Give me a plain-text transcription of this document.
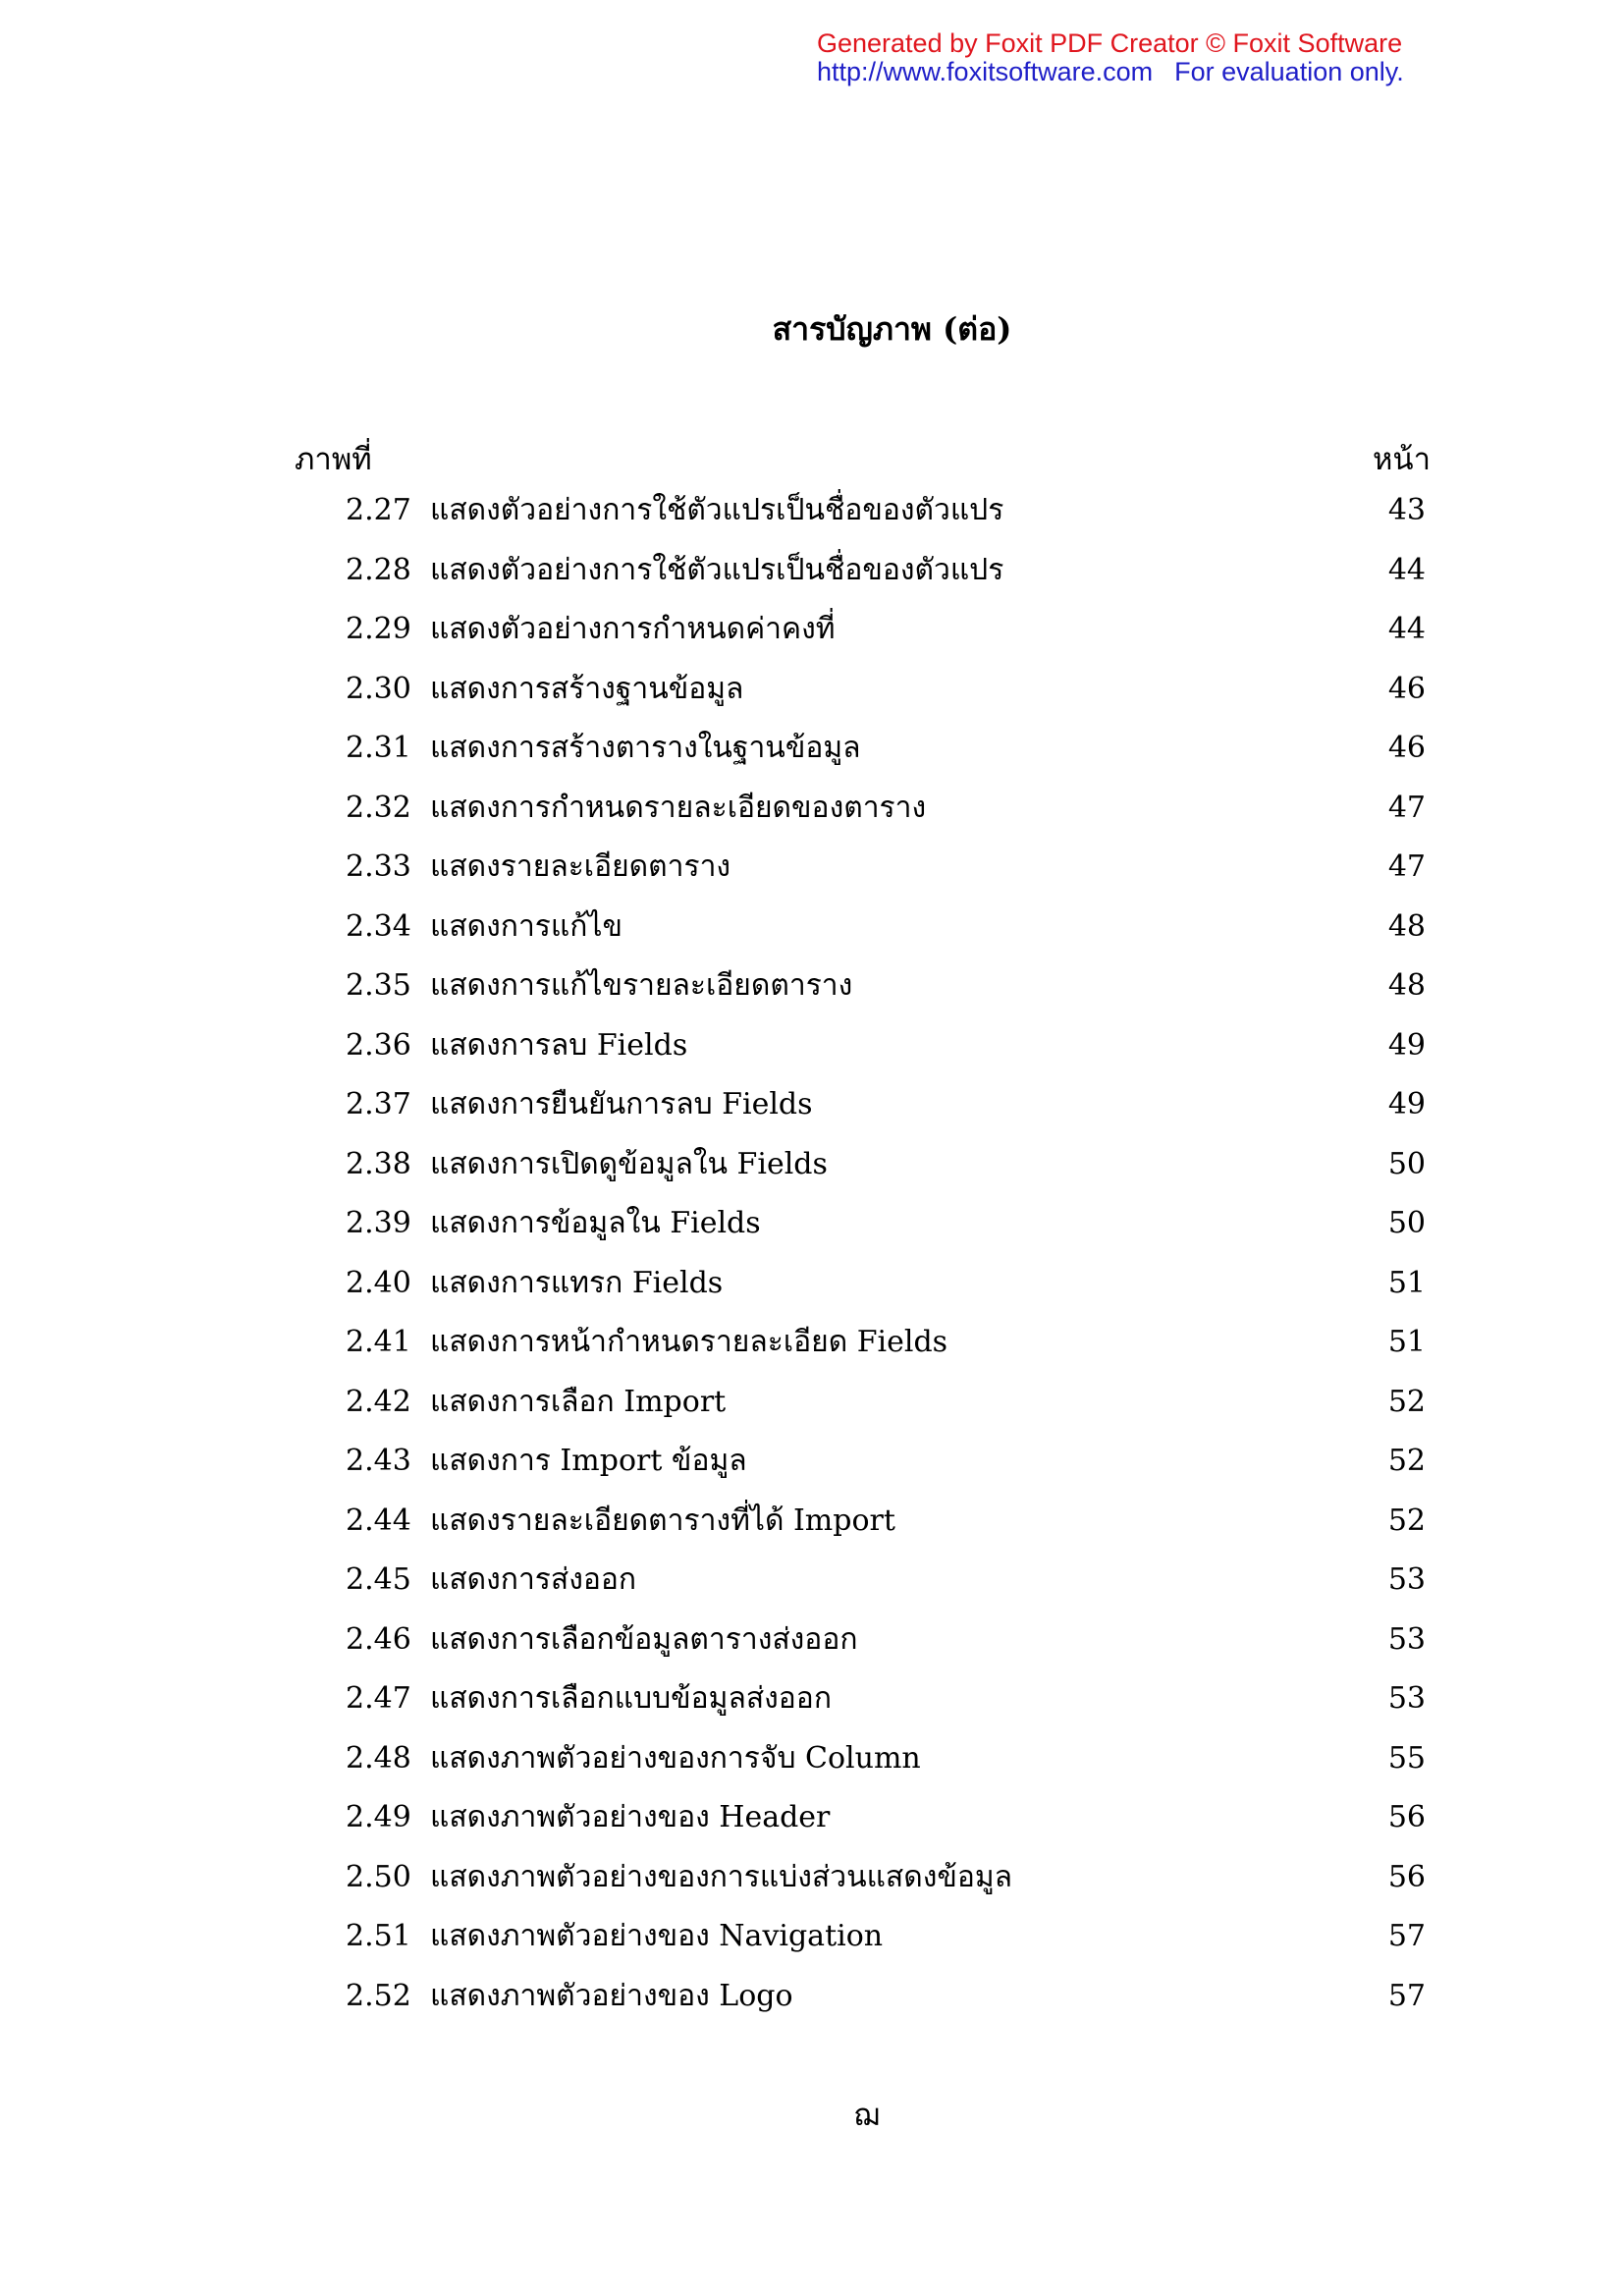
Generated by Foxit PDF Creator © Foxit Software
http://www.foxitsoftware.com For evaluation only.
สารบัญภาพ (ต่อ)
ภาพที่	หน้า
2.27 แสดงตัวอย่างการใช้ตัวแปรเป็นชื่อของตัวแปร	43
2.28 แสดงตัวอย่างการใช้ตัวแปรเป็นชื่อของตัวแปร	44
2.29 แสดงตัวอย่างการกำหนดค่าคงที่	44
2.30 แสดงการสร้างฐานข้อมูล	46
2.31 แสดงการสร้างตารางในฐานข้อมูล	46
2.32 แสดงการกำหนดรายละเอียดของตาราง	47
2.33 แสดงรายละเอียดตาราง	47
2.34 แสดงการแก้ไข	48
2.35 แสดงการแก้ไขรายละเอียดตาราง	48
2.36 แสดงการลบ Fields	49
2.37 แสดงการยืนยันการลบ Fields	49
2.38 แสดงการเปิดดูข้อมูลใน Fields	50
2.39 แสดงการข้อมูลใน Fields	50
2.40 แสดงการแทรก Fields	51
2.41 แสดงการหน้ากำหนดรายละเอียด Fields	51
2.42 แสดงการเลือก Import	52
2.43 แสดงการ Import ข้อมูล	52
2.44 แสดงรายละเอียดตารางที่ได้ Import	52
2.45 แสดงการส่งออก	53
2.46 แสดงการเลือกข้อมูลตารางส่งออก	53
2.47 แสดงการเลือกแบบข้อมูลส่งออก	53
2.48 แสดงภาพตัวอย่างของการจับ Column	55
2.49 แสดงภาพตัวอย่างของ Header	56
2.50 แสดงภาพตัวอย่างของการแบ่งส่วนแสดงข้อมูล	56
2.51 แสดงภาพตัวอย่างของ Navigation	57
2.52 แสดงภาพตัวอย่างของ Logo	57
ฌ
